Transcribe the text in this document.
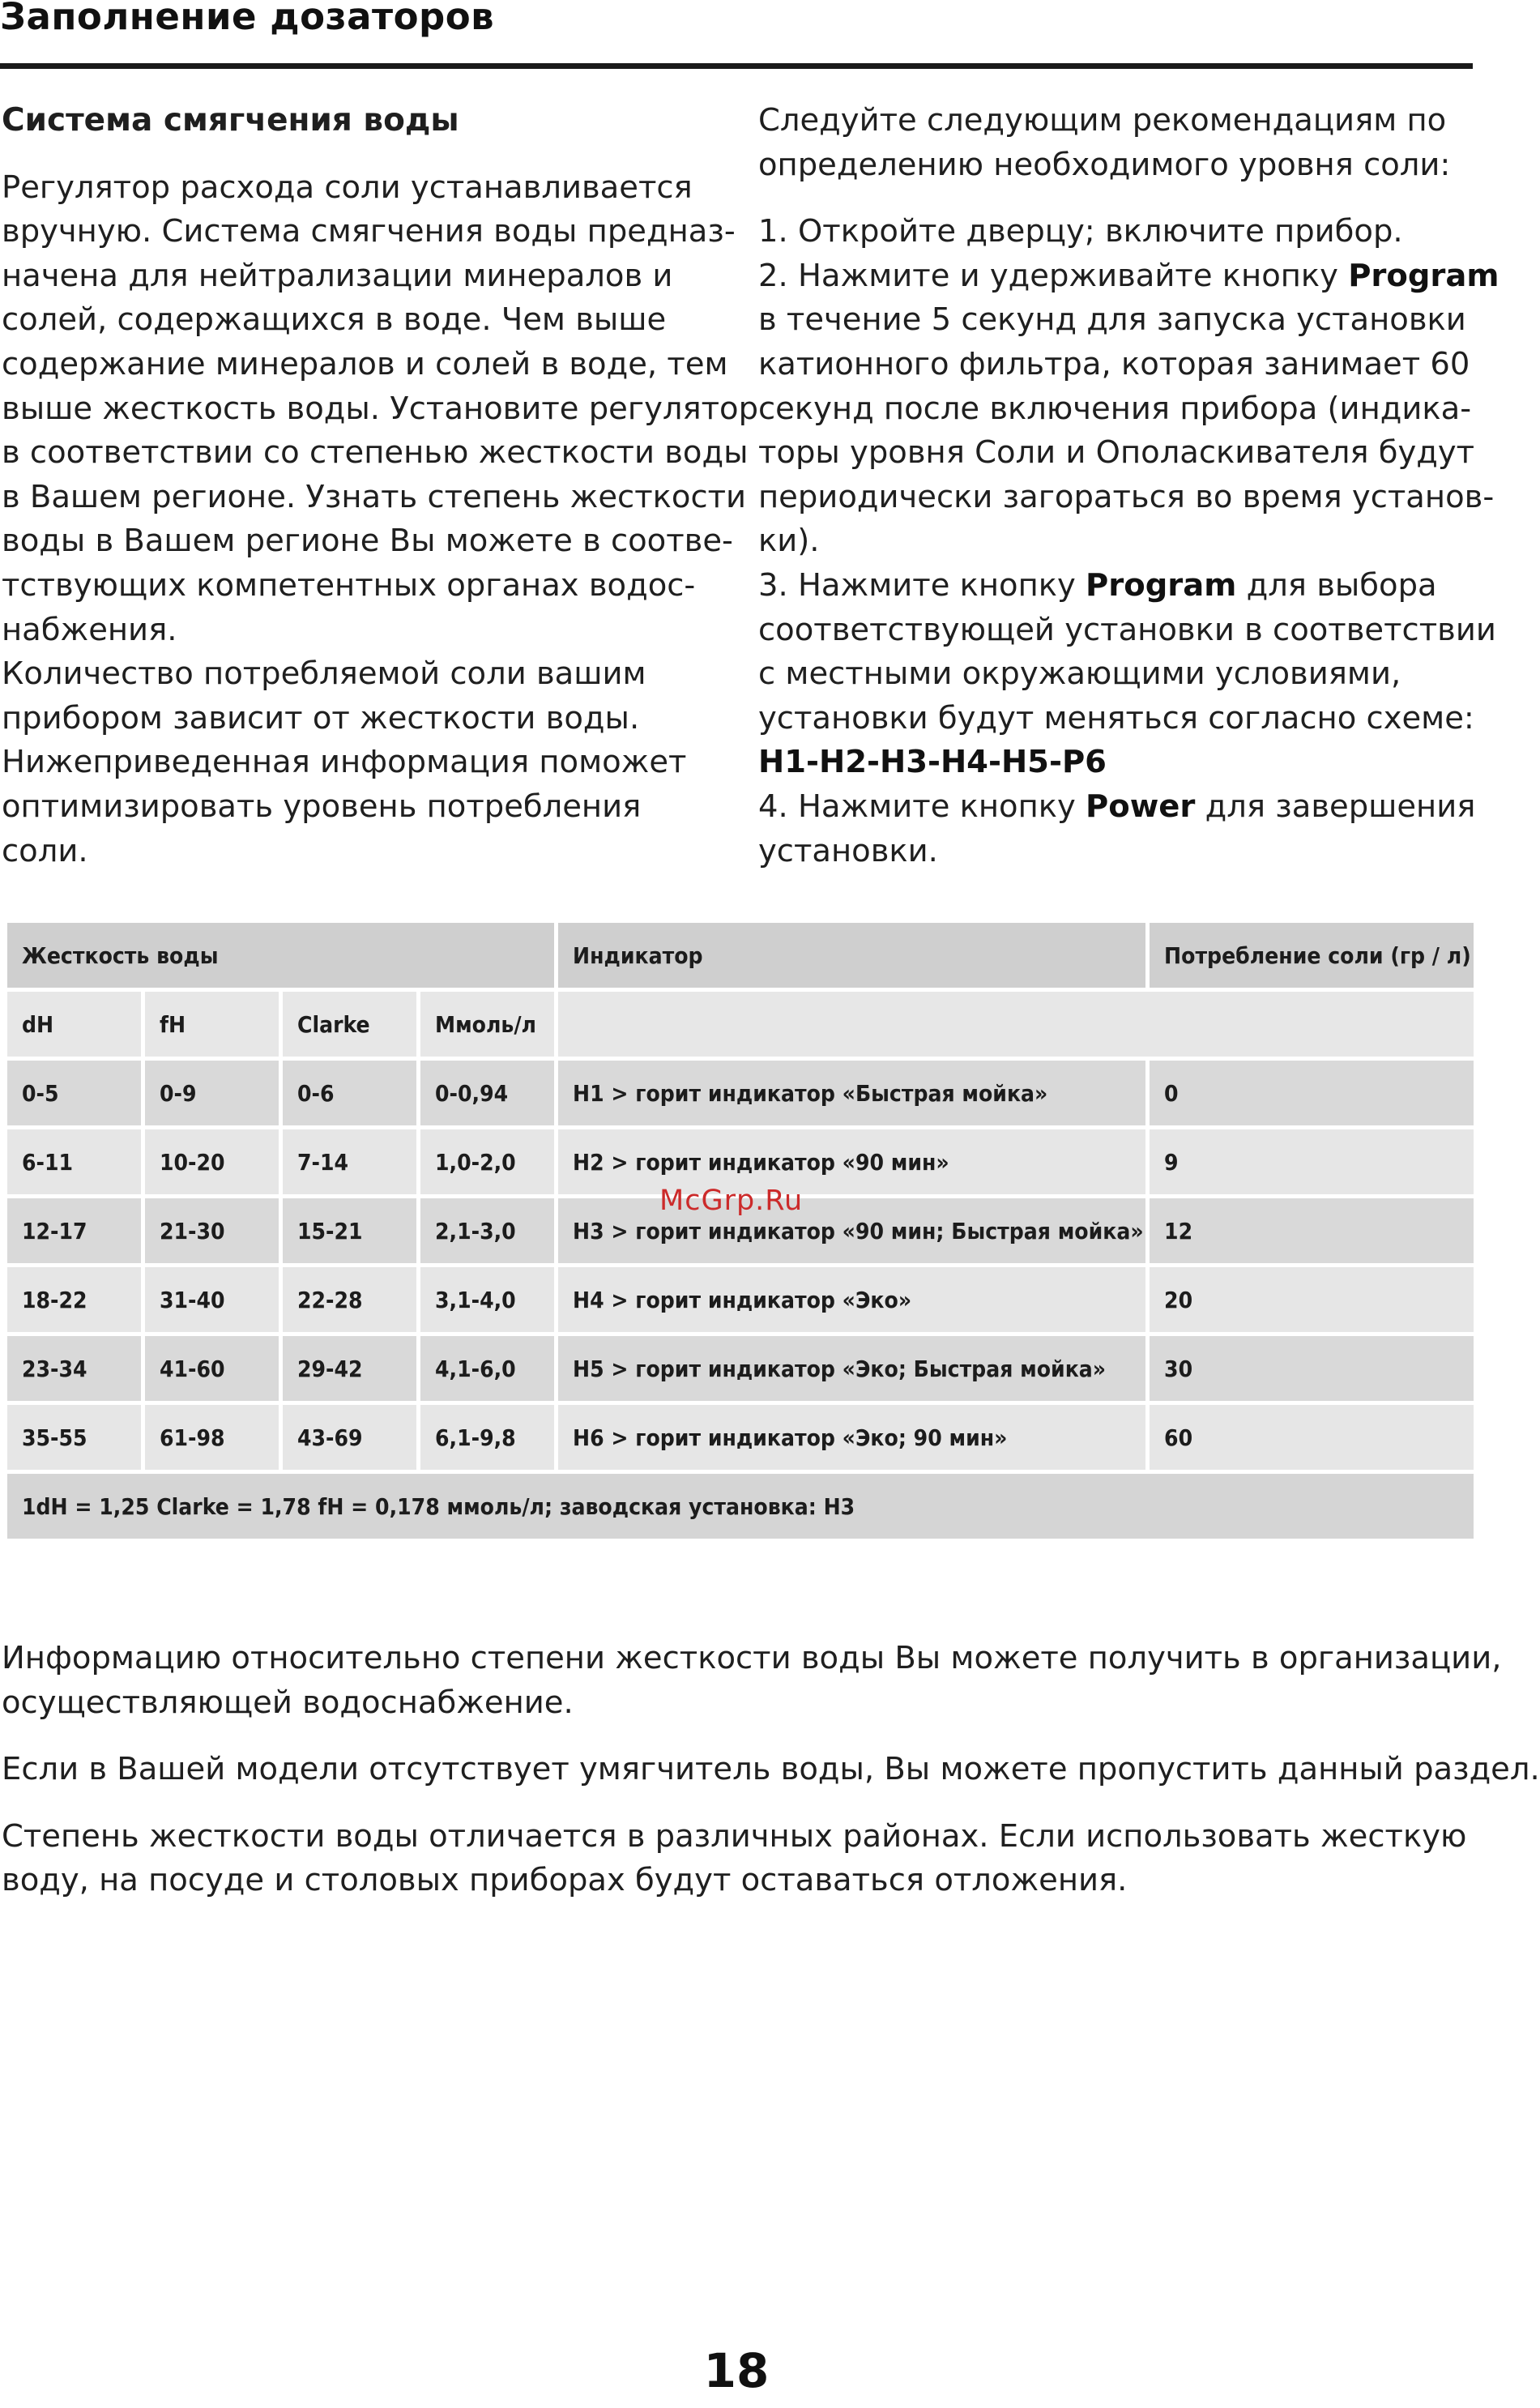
Заполнение дозаторов
Система смягчения воды

Регулятор расхода соли устанавливается
вручную. Система смягчения воды предназ-
начена для нейтрализации минералов и
солей, содержащихся в воде. Чем выше
содержание минералов и солей в воде, тем
выше жесткость воды. Установите регулятор
в соответствии со степенью жесткости воды
в Вашем регионе. Узнать степень жесткости
воды в Вашем регионе Вы можете в соотве-
тствующих компетентных органах водос-
набжения.
Количество потребляемой соли вашим
прибором зависит от жесткости воды.
Нижеприведенная информация поможет
оптимизировать уровень потребления
соли.

Следуйте следующим рекомендациям по
определению необходимого уровня соли:

1. Откройте дверцу; включите прибор.
2. Нажмите и удерживайте кнопку Program
в течение 5 секунд для запуска установки
катионного фильтра, которая занимает 60
секунд после включения прибора (индика-
торы уровня Соли и Ополаскивателя будут
периодически загораться во время установ-
ки).
3. Нажмите кнопку Program для выбора
соответствующей установки в соответствии
с местными окружающими условиями,
установки будут меняться согласно схеме:
H1-H2-H3-H4-H5-P6
4. Нажмите кнопку Power для завершения
установки.

Жесткость воды				Индикатор	Потребление соли (гр / л)
dH	fH	Clarke	Ммоль/л		
0-5	0-9	0-6	0-0,94	H1 > горит индикатор «Быстрая мойка»	0
6-11	10-20	7-14	1,0-2,0	H2 > горит индикатор «90 мин»	9
12-17	21-30	15-21	2,1-3,0	H3 > горит индикатор «90 мин; Быстрая мойка»	12
18-22	31-40	22-28	3,1-4,0	H4 > горит индикатор «Эко»	20
23-34	41-60	29-42	4,1-6,0	H5 > горит индикатор «Эко; Быстрая мойка»	30
35-55	61-98	43-69	6,1-9,8	H6 > горит индикатор «Эко; 90 мин»	60
1dH = 1,25 Clarke = 1,78 fH = 0,178 ммоль/л; заводская установка: H3					
McGrp.Ru

Информацию относительно степени жесткости воды Вы можете получить в организации,
осуществляющей водоснабжение.

Если в Вашей модели отсутствует умягчитель воды, Вы можете пропустить данный раздел.

Степень жесткости воды отличается в различных районах. Если использовать жесткую
воду, на посуде и столовых приборах будут оставаться отложения.

18
